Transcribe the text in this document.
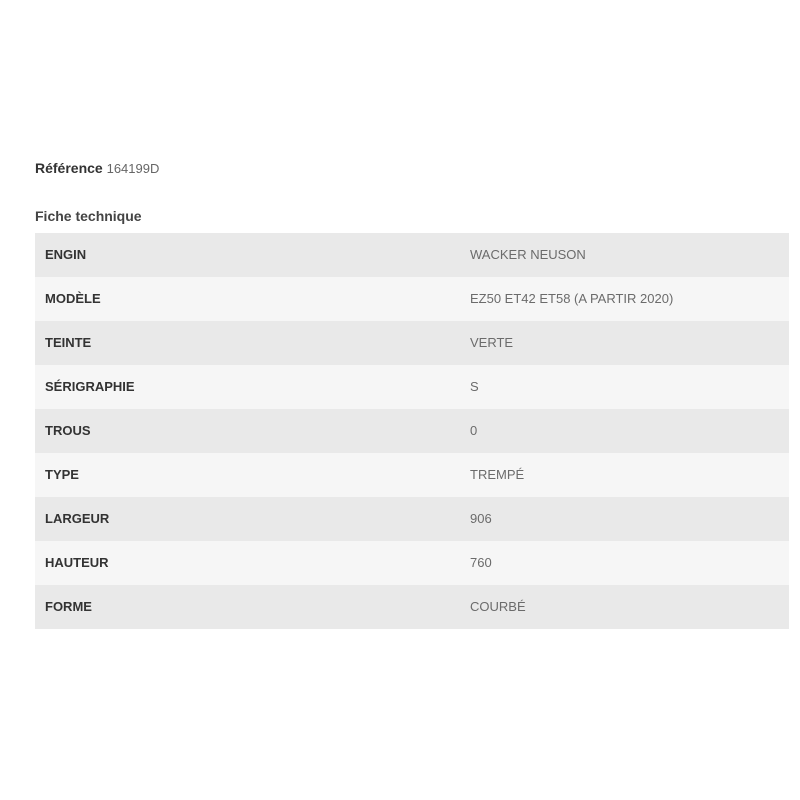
Référence 164199D
Fiche technique
ENGIN	WACKER NEUSON
MODÈLE	EZ50 ET42 ET58 (A PARTIR 2020)
TEINTE	VERTE
SÉRIGRAPHIE	S
TROUS	0
TYPE	TREMPÉ
LARGEUR	906
HAUTEUR	760
FORME	COURBÉ
